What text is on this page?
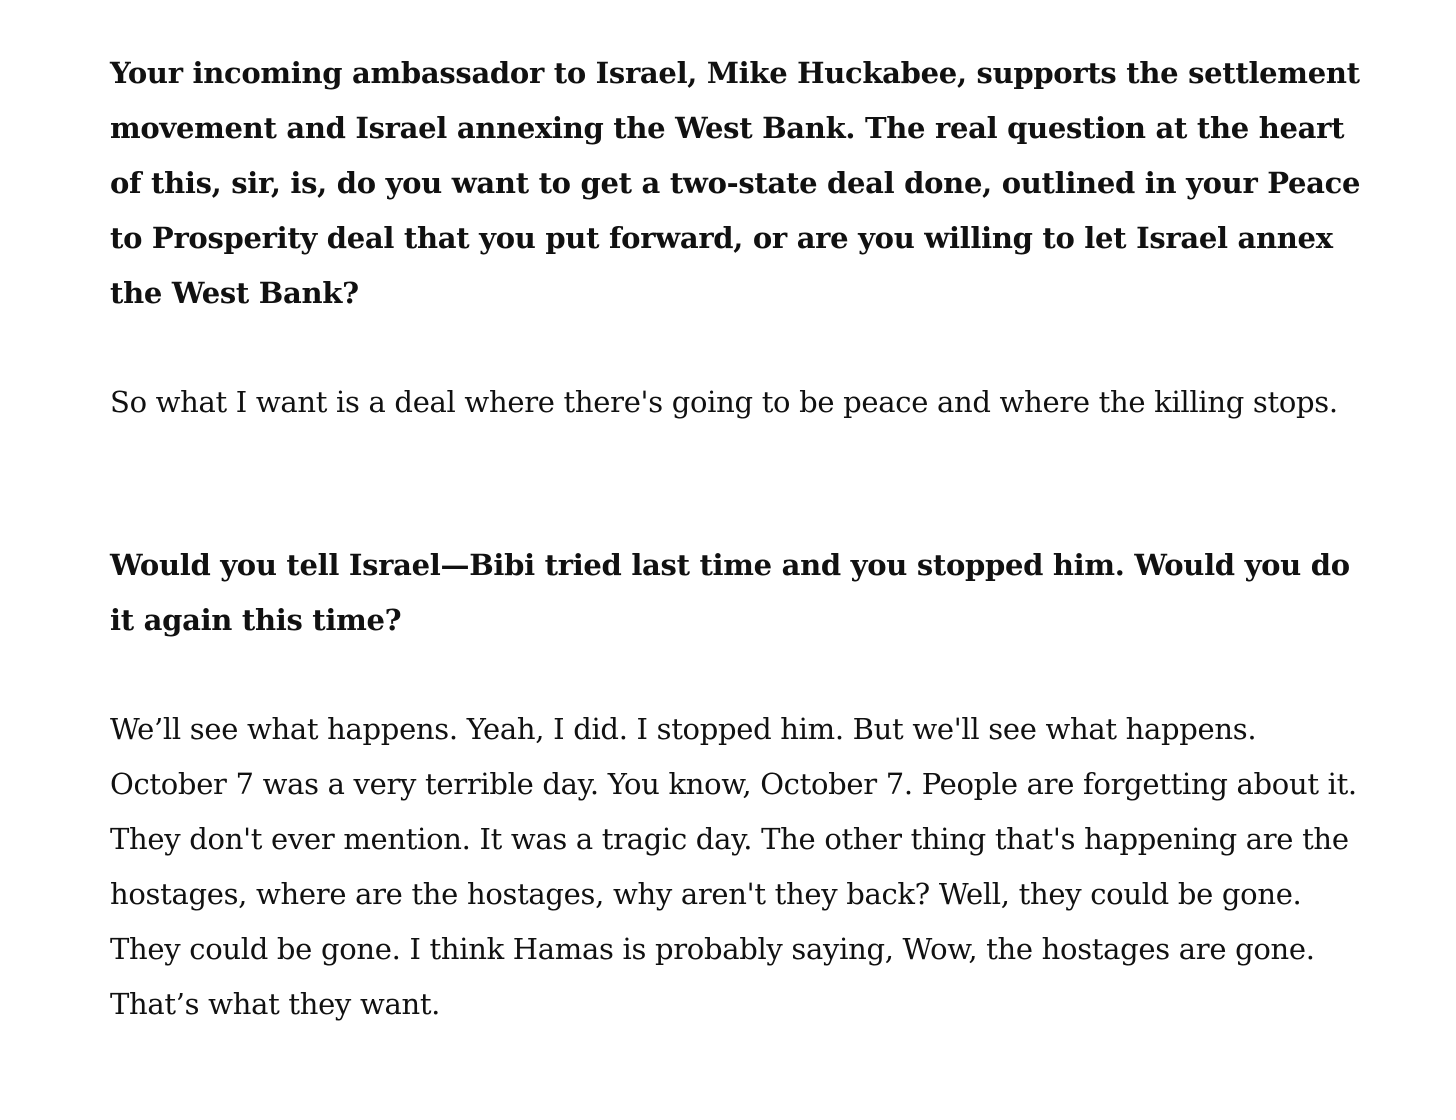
Your incoming ambassador to Israel, Mike Huckabee, supports the settlement movement and Israel annexing the West Bank. The real question at the heart of this, sir, is, do you want to get a two-state deal done, outlined in your Peace to Prosperity deal that you put forward, or are you willing to let Israel annex the West Bank?

So what I want is a deal where there's going to be peace and where the killing stops.

Would you tell Israel—Bibi tried last time and you stopped him. Would you do it again this time?

We’ll see what happens. Yeah, I did. I stopped him. But we'll see what happens. October 7 was a very terrible day. You know, October 7. People are forgetting about it. They don't ever mention. It was a tragic day. The other thing that's happening are the hostages, where are the hostages, why aren't they back? Well, they could be gone. They could be gone. I think Hamas is probably saying, Wow, the hostages are gone. That’s what they want.
